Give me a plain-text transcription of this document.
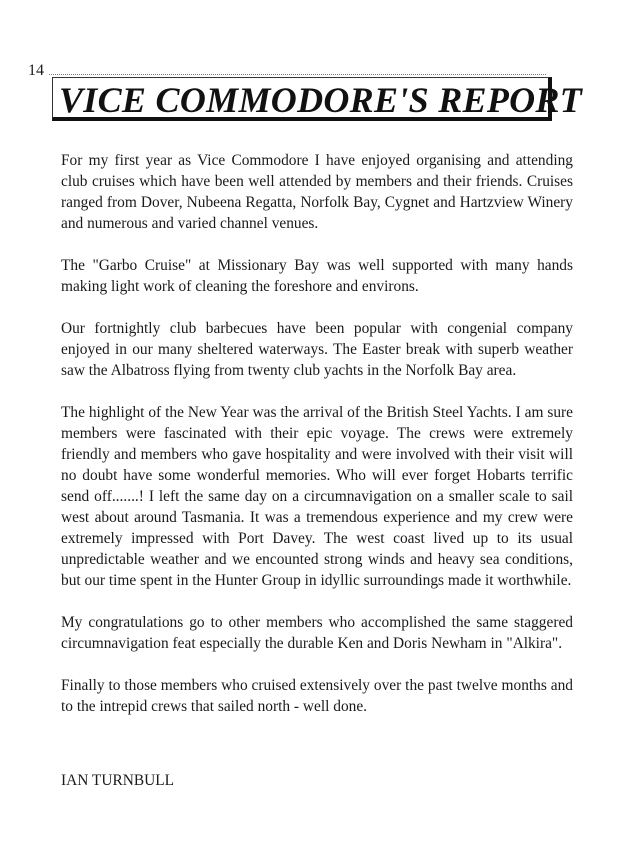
14
VICE COMMODORE'S REPORT

For my first year as Vice Commodore I have enjoyed organising and attending club cruises which have been well attended by members and their friends. Cruises ranged from Dover, Nubeena Regatta, Norfolk Bay, Cygnet and Hartzview Winery and numerous and varied channel venues.

The "Garbo Cruise" at Missionary Bay was well supported with many hands making light work of cleaning the foreshore and environs.

Our fortnightly club barbecues have been popular with congenial company enjoyed in our many sheltered waterways. The Easter break with superb weather saw the Albatross flying from twenty club yachts in the Norfolk Bay area.

The highlight of the New Year was the arrival of the British Steel Yachts. I am sure members were fascinated with their epic voyage. The crews were extremely friendly and members who gave hospitality and were involved with their visit will no doubt have some wonderful memories. Who will ever forget Hobarts terrific send off.......! I left the same day on a circumnavigation on a smaller scale to sail west about around Tasmania. It was a tremendous experience and my crew were extremely impressed with Port Davey. The west coast lived up to its usual unpredictable weather and we encounted strong winds and heavy sea conditions, but our time spent in the Hunter Group in idyllic surroundings made it worthwhile.

My congratulations go to other members who accomplished the same staggered circumnavigation feat especially the durable Ken and Doris Newham in "Alkira".

Finally to those members who cruised extensively over the past twelve months and to the intrepid crews that sailed north - well done.

IAN TURNBULL
